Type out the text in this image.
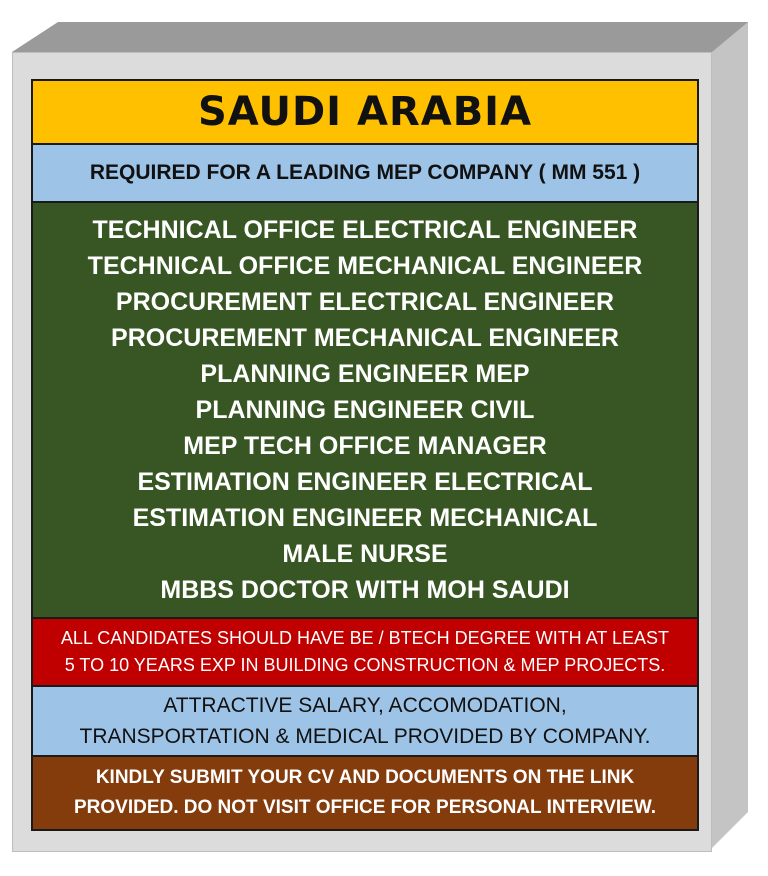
SAUDI ARABIA
REQUIRED FOR A LEADING MEP COMPANY ( MM 551 )
TECHNICAL OFFICE ELECTRICAL ENGINEER
TECHNICAL OFFICE MECHANICAL ENGINEER
PROCUREMENT ELECTRICAL ENGINEER
PROCUREMENT MECHANICAL ENGINEER
PLANNING ENGINEER MEP
PLANNING ENGINEER CIVIL
MEP TECH OFFICE MANAGER
ESTIMATION ENGINEER ELECTRICAL
ESTIMATION ENGINEER MECHANICAL
MALE NURSE
MBBS DOCTOR WITH MOH SAUDI
ALL CANDIDATES SHOULD HAVE BE / BTECH DEGREE WITH AT LEAST
5 TO 10 YEARS EXP IN BUILDING CONSTRUCTION & MEP PROJECTS.
ATTRACTIVE SALARY, ACCOMODATION,
TRANSPORTATION & MEDICAL PROVIDED BY COMPANY.
KINDLY SUBMIT YOUR CV AND DOCUMENTS ON THE LINK
PROVIDED. DO NOT VISIT OFFICE FOR PERSONAL INTERVIEW.
